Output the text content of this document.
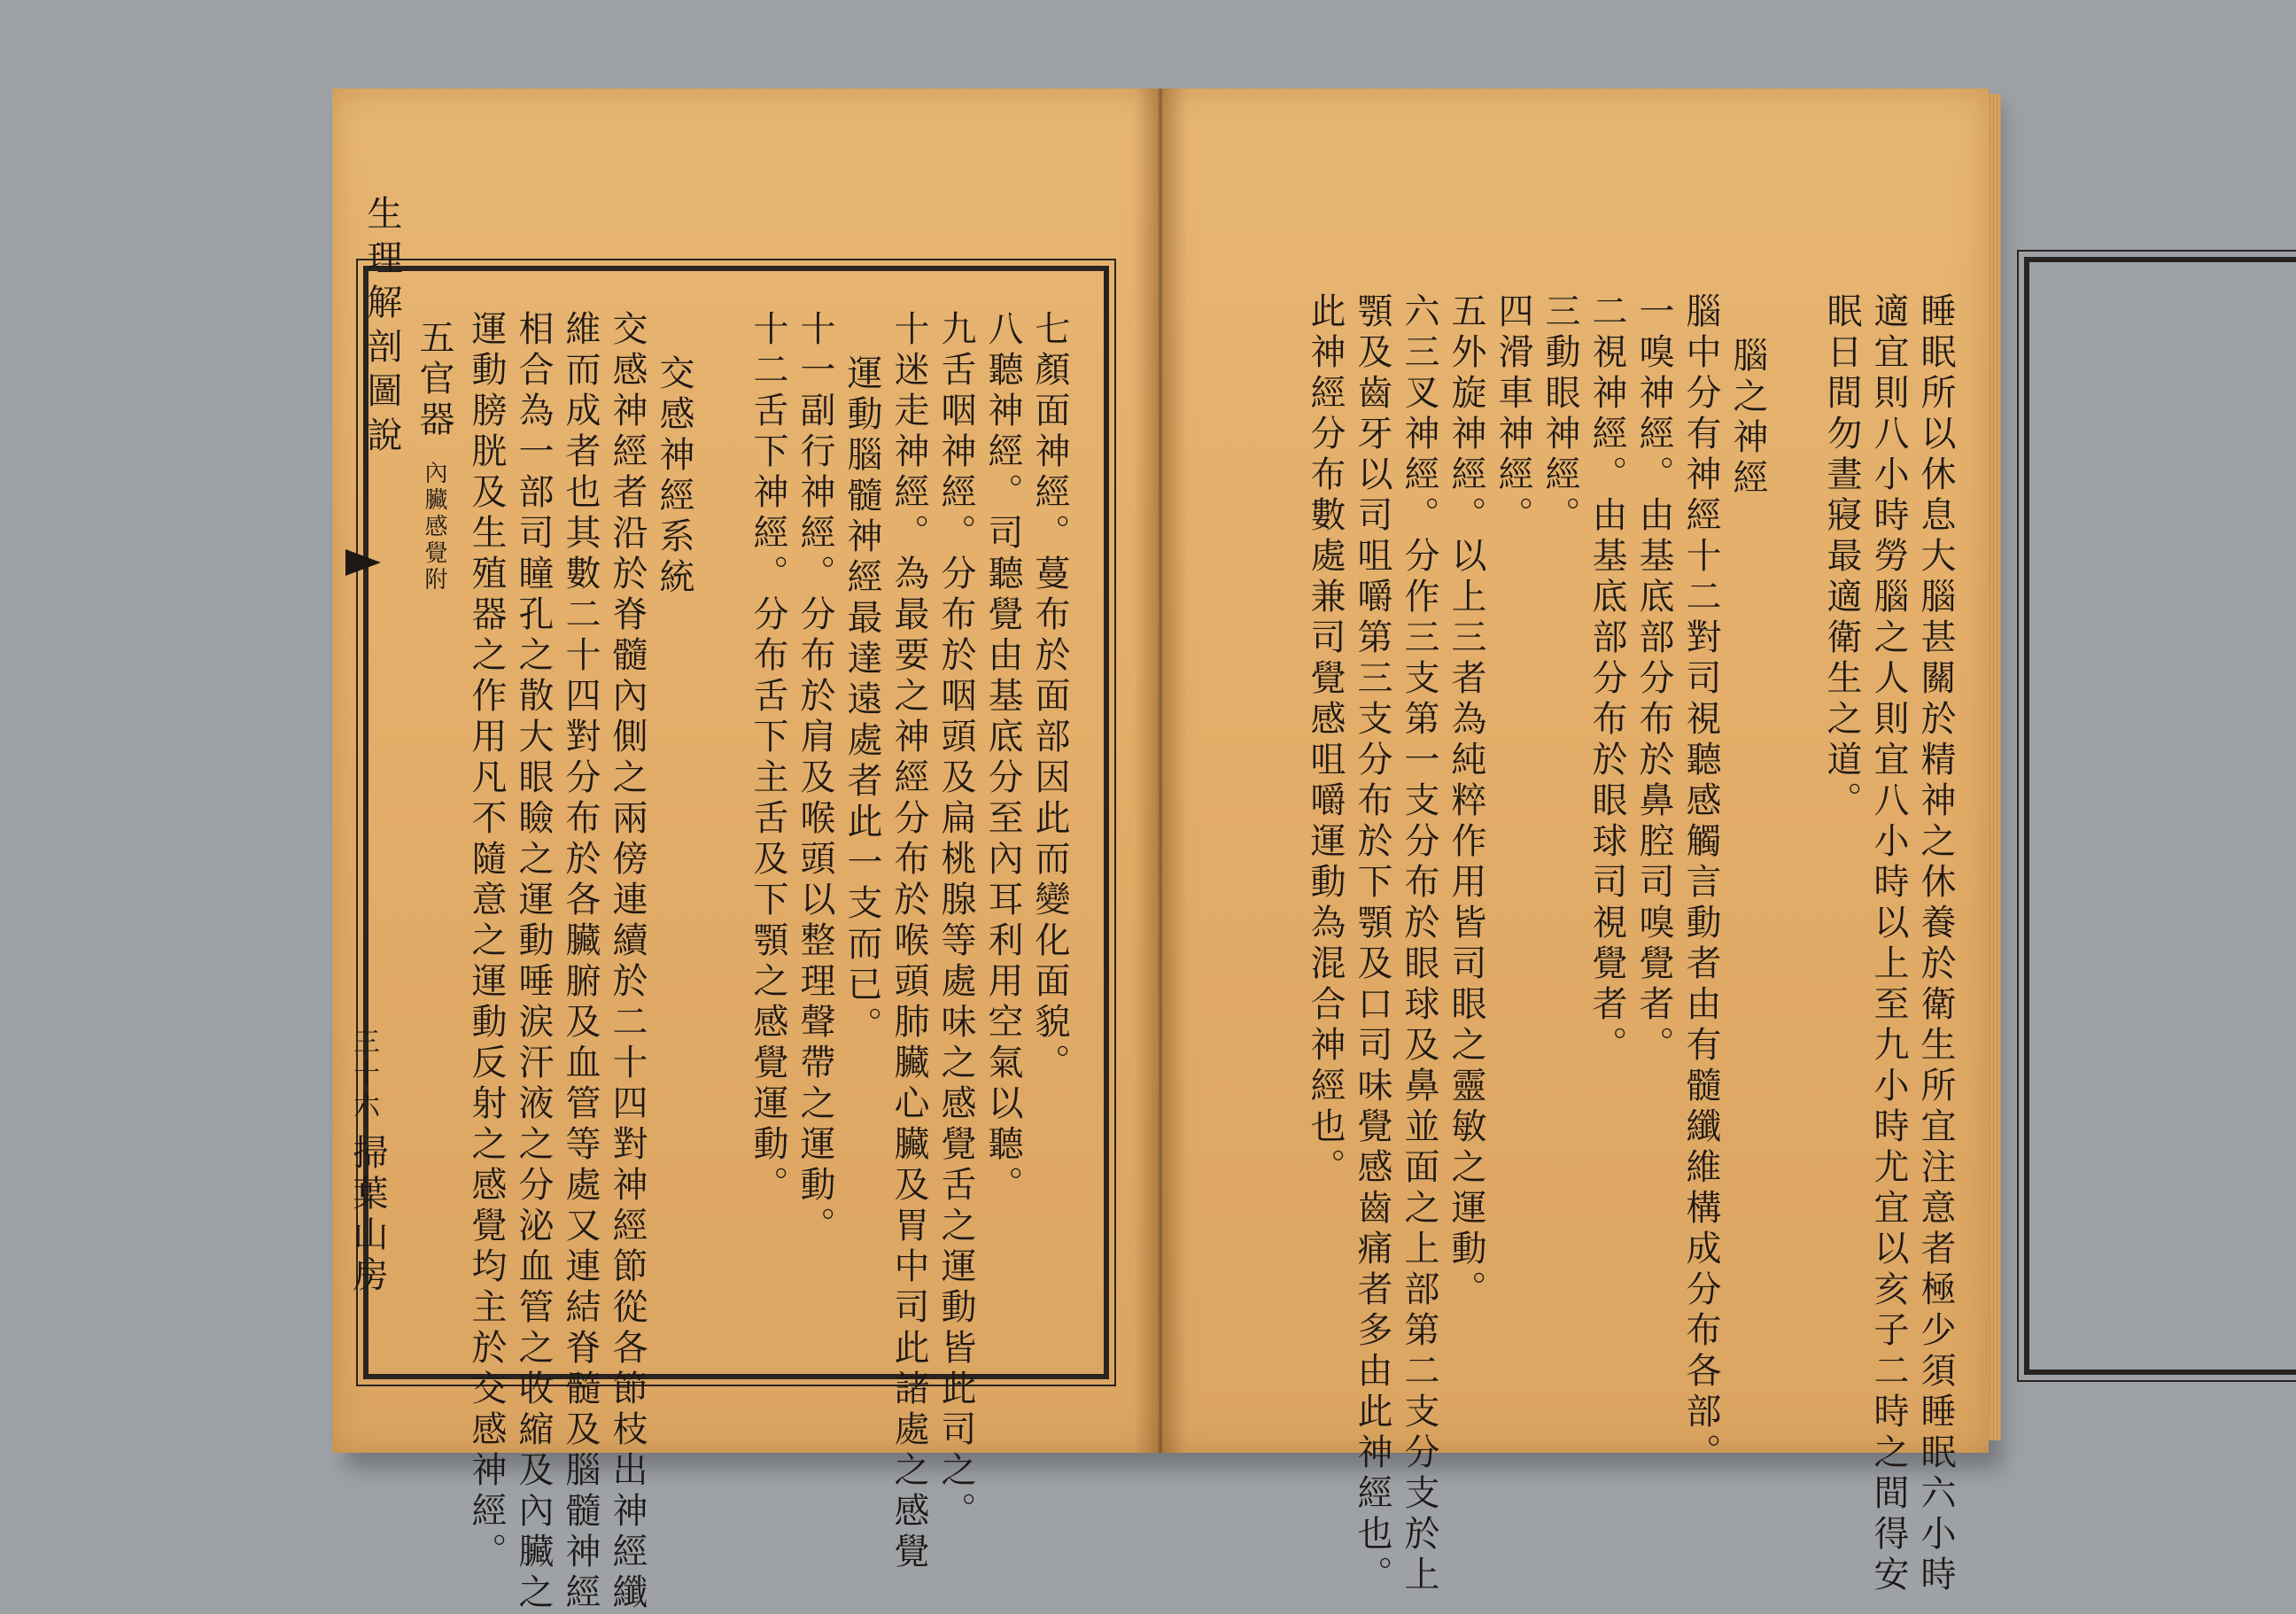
生理解剖圖說
三十六
掃葉山房
七顏面神經。蔓布於面部因此而變化面貌。
八聽神經。司聽覺由基底分至內耳利用空氣以聽。
九舌咽神經。分布於咽頭及扁桃腺等處味之感覺舌之運動皆此司之。
十迷走神經。為最要之神經分布於喉頭肺臟心臟及胃中司此諸處之感覺
運動腦髓神經最達遠處者此一支而已。
十一副行神經。分布於肩及喉頭以整理聲帶之運動。
十二舌下神經。分布舌下主舌及下顎之感覺運動。
交感神經系統
交感神經者沿於脊髓內側之兩傍連續於二十四對神經節從各節枝出神經纖
維而成者也其數二十四對分布於各臟腑及血管等處又連結脊髓及腦髓神經
相合為一部司瞳孔之散大眼瞼之運動唾涙汗液之分泌血管之收縮及內臟之
運動膀胱及生殖器之作用凡不隨意之運動反射之感覺均主於交感神經。
五官器
內臟感覺附	睡眠所以休息大腦甚關於精神之休養於衛生所宜注意者極少須睡眠六小時
適宜則八小時勞腦之人則宜八小時以上至九小時尤宜以亥子二時之間得安
眠日間勿晝寢最適衛生之道。
腦之神經
腦中分有神經十二對司視聽感觸言動者由有髓纖維構成分布各部。
一嗅神經。由基底部分布於鼻腔司嗅覺者。
二視神經。由基底部分布於眼球司視覺者。
三動眼神經。
四滑車神經。
五外旋神經。以上三者為純粹作用皆司眼之靈敏之運動。
六三叉神經。分作三支第一支分布於眼球及鼻並面之上部第二支分支於上
顎及齒牙以司咀嚼第三支分布於下顎及口司味覺感齒痛者多由此神經也。
此神經分布數處兼司覺感咀嚼運動為混合神經也。
